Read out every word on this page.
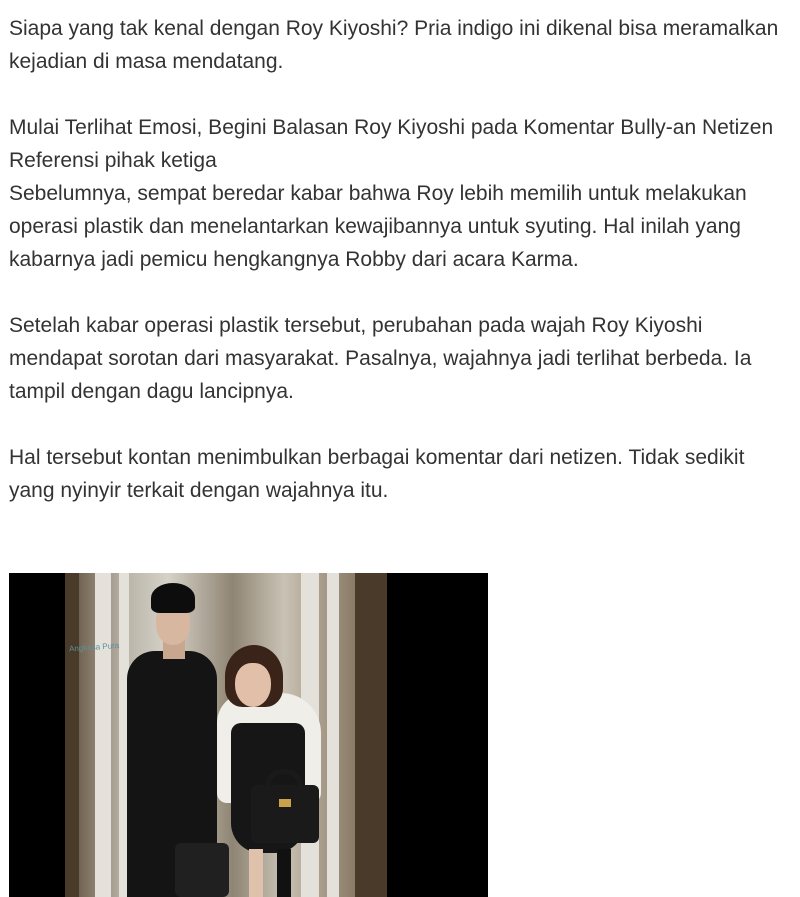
Siapa yang tak kenal dengan Roy Kiyoshi? Pria indigo ini dikenal bisa meramalkan kejadian di masa mendatang.

Mulai Terlihat Emosi, Begini Balasan Roy Kiyoshi pada Komentar Bully-an Netizen

Referensi pihak ketiga

Sebelumnya, sempat beredar kabar bahwa Roy lebih memilih untuk melakukan operasi plastik dan menelantarkan kewajibannya untuk syuting. Hal inilah yang kabarnya jadi pemicu hengkangnya Robby dari acara Karma.

Setelah kabar operasi plastik tersebut, perubahan pada wajah Roy Kiyoshi mendapat sorotan dari masyarakat. Pasalnya, wajahnya jadi terlihat berbeda. Ia tampil dengan dagu lancipnya.

Hal tersebut kontan menimbulkan berbagai komentar dari netizen. Tidak sedikit yang nyinyir terkait dengan wajahnya itu.

Angkasa Pura
